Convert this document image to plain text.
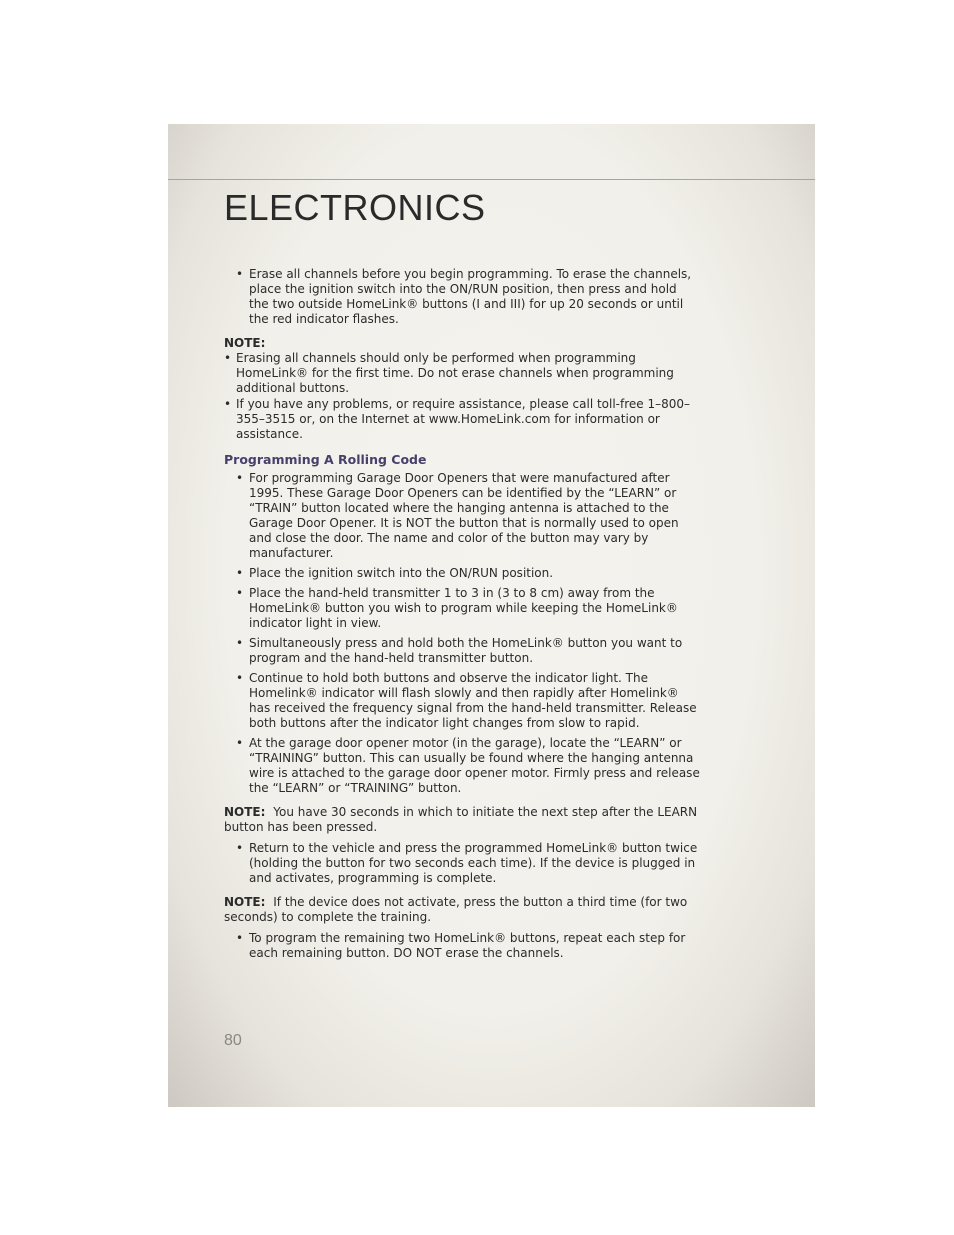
ELECTRONICS
• Erase all channels before you begin programming. To erase the channels, place the ignition switch into the ON/RUN position, then press and hold the two outside HomeLink® buttons (I and III) for up 20 seconds or until the red indicator flashes.
NOTE:
• Erasing all channels should only be performed when programming HomeLink® for the first time. Do not erase channels when programming additional buttons.
• If you have any problems, or require assistance, please call toll-free 1–800–355–3515 or, on the Internet at www.HomeLink.com for information or assistance.
Programming A Rolling Code
• For programming Garage Door Openers that were manufactured after 1995. These Garage Door Openers can be identified by the “LEARN” or “TRAIN” button located where the hanging antenna is attached to the Garage Door Opener. It is NOT the button that is normally used to open and close the door. The name and color of the button may vary by manufacturer.
• Place the ignition switch into the ON/RUN position.
• Place the hand-held transmitter 1 to 3 in (3 to 8 cm) away from the HomeLink® button you wish to program while keeping the HomeLink® indicator light in view.
• Simultaneously press and hold both the HomeLink® button you want to program and the hand-held transmitter button.
• Continue to hold both buttons and observe the indicator light. The Homelink® indicator will flash slowly and then rapidly after Homelink® has received the frequency signal from the hand-held transmitter. Release both buttons after the indicator light changes from slow to rapid.
• At the garage door opener motor (in the garage), locate the “LEARN” or “TRAINING” button. This can usually be found where the hanging antenna wire is attached to the garage door opener motor. Firmly press and release the “LEARN” or “TRAINING” button.
NOTE: You have 30 seconds in which to initiate the next step after the LEARN button has been pressed.
• Return to the vehicle and press the programmed HomeLink® button twice (holding the button for two seconds each time). If the device is plugged in and activates, programming is complete.
NOTE: If the device does not activate, press the button a third time (for two seconds) to complete the training.
• To program the remaining two HomeLink® buttons, repeat each step for each remaining button. DO NOT erase the channels.
80
